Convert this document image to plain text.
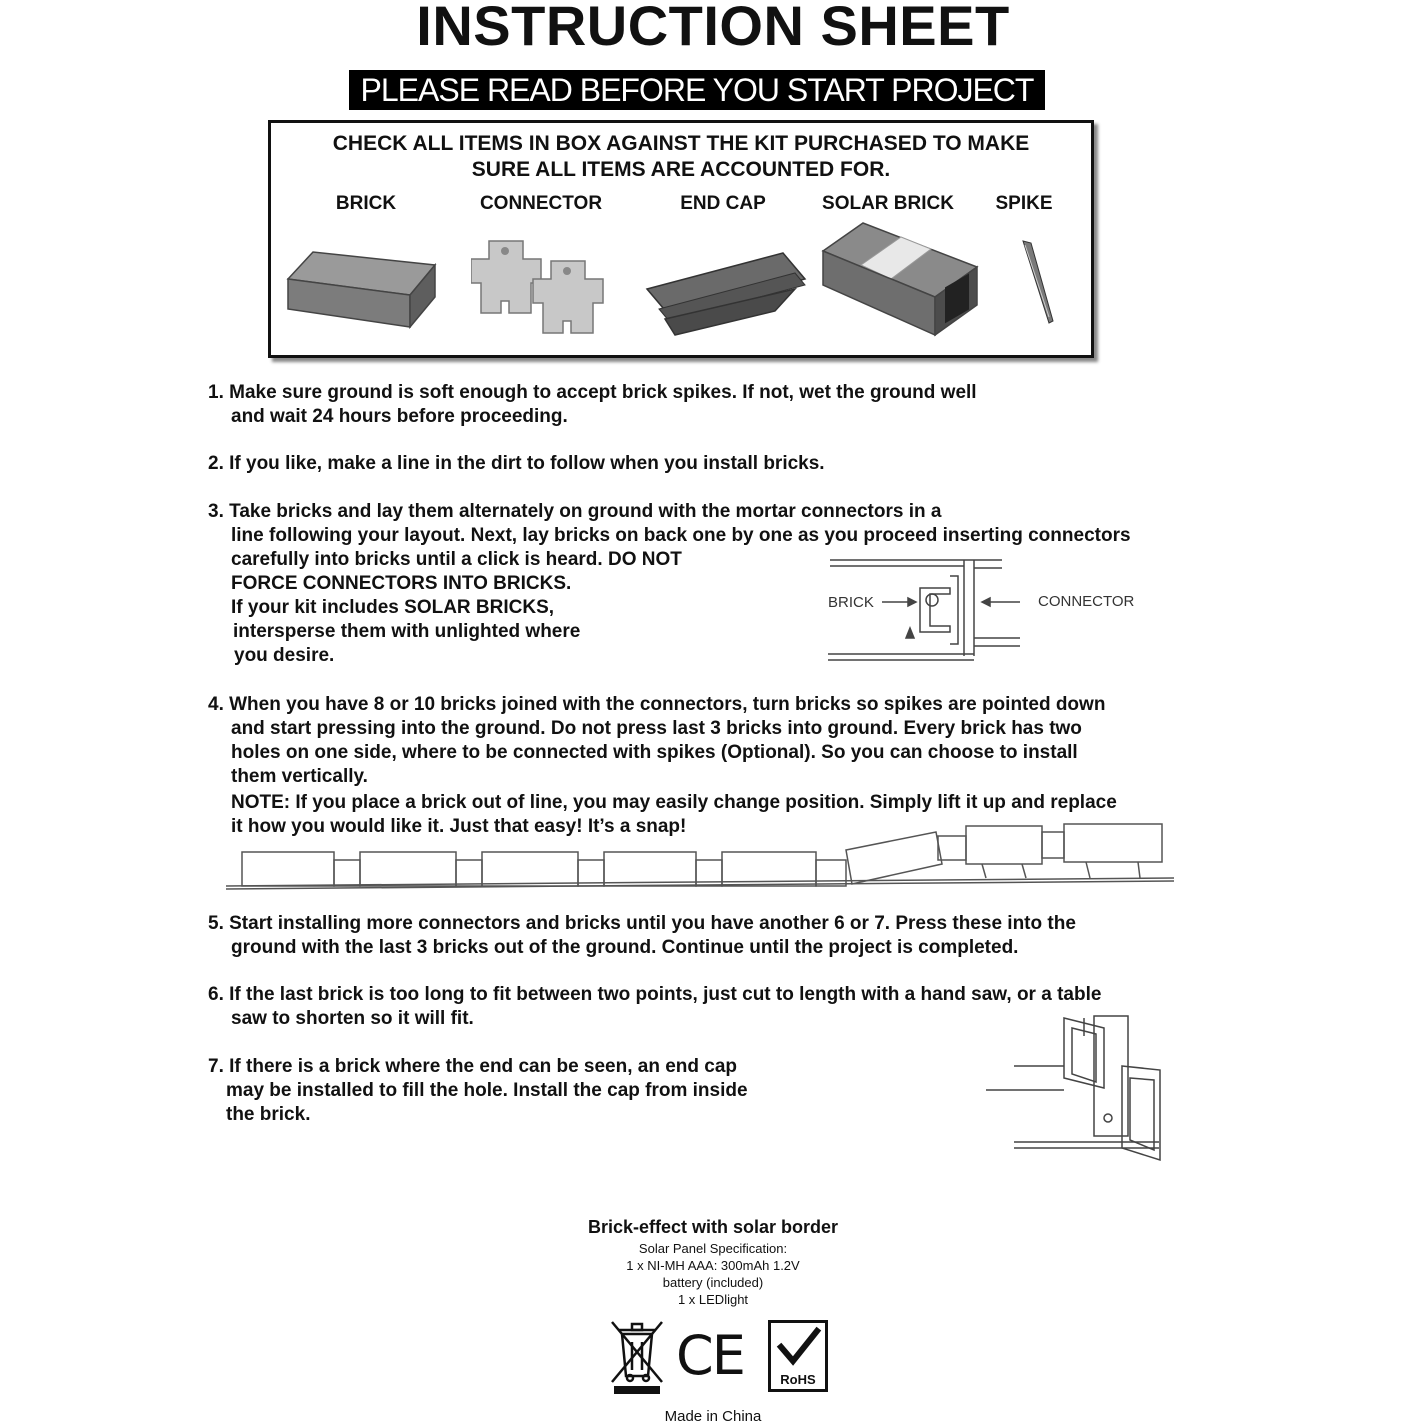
INSTRUCTION SHEET
PLEASE READ BEFORE YOU START PROJECT
CHECK ALL ITEMS IN BOX AGAINST THE KIT PURCHASED TO MAKE
SURE ALL ITEMS ARE ACCOUNTED FOR.
BRICK	CONNECTOR	END CAP	SOLAR BRICK SPIKE
1. Make sure ground is soft enough to accept brick spikes. If not, wet the ground well
and wait 24 hours before proceeding.
2. If you like, make a line in the dirt to follow when you install bricks.
3. Take bricks and lay them alternately on ground with the mortar connectors in a
line following your layout. Next, lay bricks on back one by one as you proceed inserting connectors
carefully into bricks until a click is heard. DO NOT
FORCE CONNECTORS INTO BRICKS.
If your kit includes SOLAR BRICKS,
intersperse them with unlighted where
you desire.
BRICK	CONNECTOR
4. When you have 8 or 10 bricks joined with the connectors, turn bricks so spikes are pointed down
and start pressing into the ground. Do not press last 3 bricks into ground. Every brick has two
holes on one side, where to be connected with spikes (Optional). So you can choose to install
them vertically.
NOTE: If you place a brick out of line, you may easily change position. Simply lift it up and replace
it how you would like it. Just that easy! It’s a snap!
5. Start installing more connectors and bricks until you have another 6 or 7. Press these into the
ground with the last 3 bricks out of the ground. Continue until the project is completed.
6. If the last brick is too long to fit between two points, just cut to length with a hand saw, or a table
saw to shorten so it will fit.
7. If there is a brick where the end can be seen, an end cap
may be installed to fill the hole. Install the cap from inside
the brick.
Brick-effect with solar border
Solar Panel Specification:
1 x NI-MH AAA: 300mAh 1.2V
battery (included)
1 x LEDlight
CE	RoHS
Made in China
